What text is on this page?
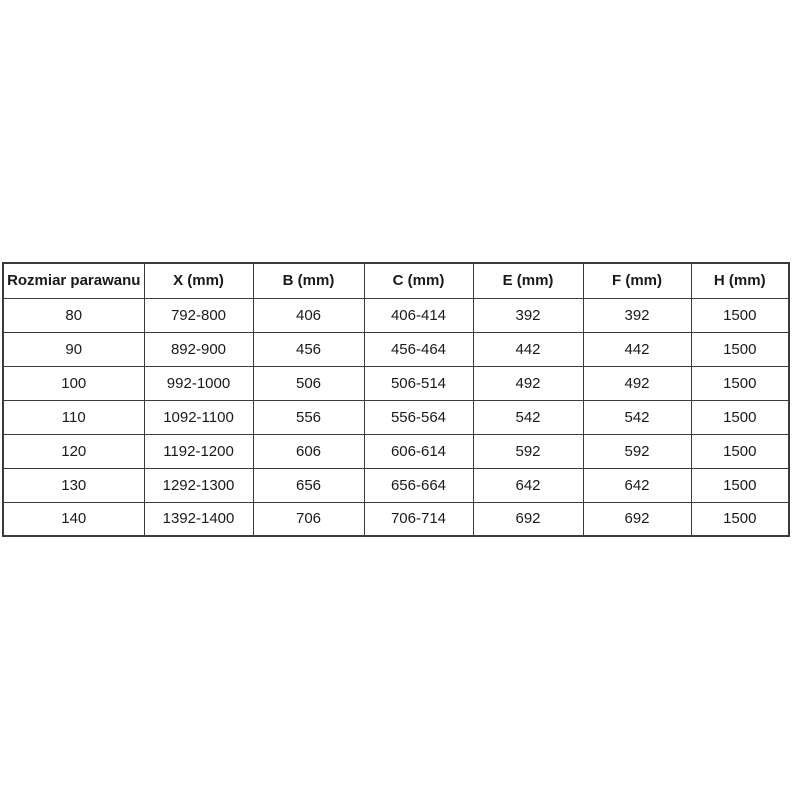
Rozmiar parawanu	X (mm)	B (mm)	C (mm)	E (mm)	F (mm)	H (mm)
80	792-800	406	406-414	392	392	1500
90	892-900	456	456-464	442	442	1500
100	992-1000	506	506-514	492	492	1500
110	1092-1100	556	556-564	542	542	1500
120	1192-1200	606	606-614	592	592	1500
130	1292-1300	656	656-664	642	642	1500
140	1392-1400	706	706-714	692	692	1500
